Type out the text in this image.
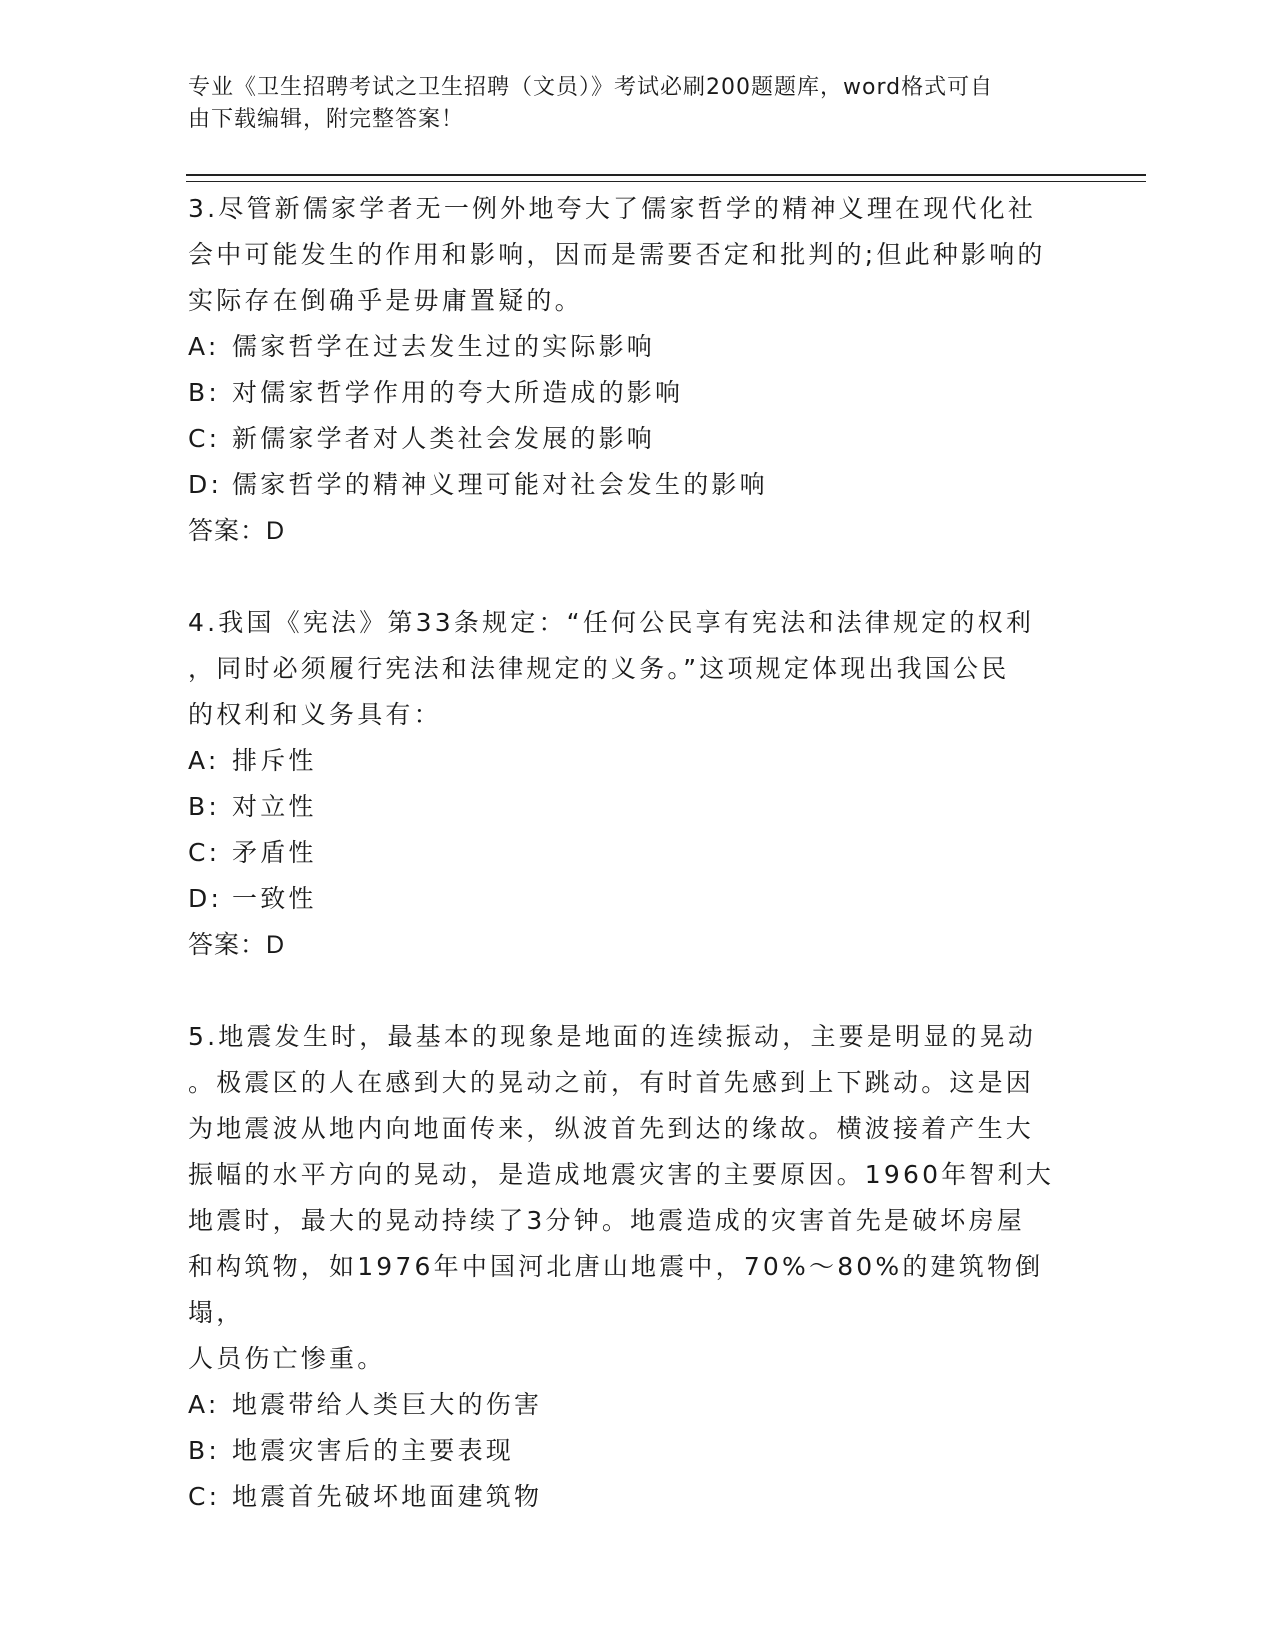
专业《卫生招聘考试之卫生招聘（文员）》考试必刷200题题库，word格式可自
由下载编辑，附完整答案！
3.尽管新儒家学者无一例外地夸大了儒家哲学的精神义理在现代化社
会中可能发生的作用和影响，因而是需要否定和批判的;但此种影响的
实际存在倒确乎是毋庸置疑的。
A: 儒家哲学在过去发生过的实际影响
B: 对儒家哲学作用的夸大所造成的影响
C: 新儒家学者对人类社会发展的影响
D: 儒家哲学的精神义理可能对社会发生的影响
答案：D
4.我国《宪法》第33条规定：“任何公民享有宪法和法律规定的权利
，同时必须履行宪法和法律规定的义务。”这项规定体现出我国公民
的权利和义务具有：
A: 排斥性
B: 对立性
C: 矛盾性
D: 一致性
答案：D
5.地震发生时，最基本的现象是地面的连续振动，主要是明显的晃动
。极震区的人在感到大的晃动之前，有时首先感到上下跳动。这是因
为地震波从地内向地面传来，纵波首先到达的缘故。横波接着产生大
振幅的水平方向的晃动，是造成地震灾害的主要原因。1960年智利大
地震时，最大的晃动持续了3分钟。地震造成的灾害首先是破坏房屋
和构筑物，如1976年中国河北唐山地震中，70%～80%的建筑物倒塌，
人员伤亡惨重。
A: 地震带给人类巨大的伤害
B: 地震灾害后的主要表现
C: 地震首先破坏地面建筑物
